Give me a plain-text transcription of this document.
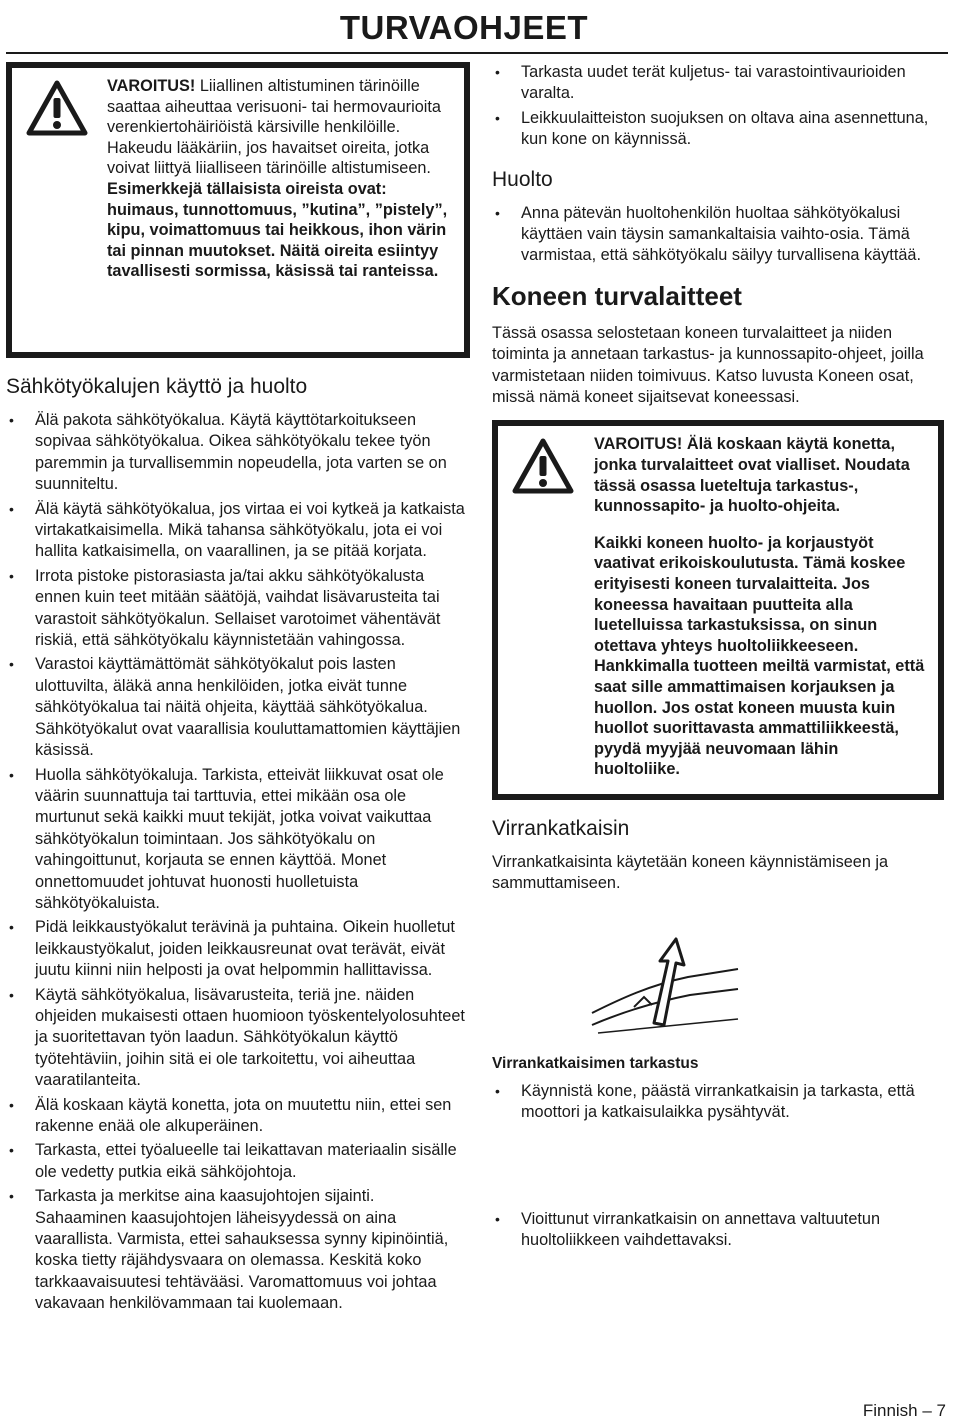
TURVAOHJEET

VAROITUS! Liiallinen altistuminen tärinöille saattaa aiheuttaa verisuoni- tai hermovaurioita verenkiertohäiriöistä kärsiville henkilöille. Hakeudu lääkäriin, jos havaitset oireita, jotka voivat liittyä liialliseen tärinöille altistumiseen. Esimerkkejä tällaisista oireista ovat: huimaus, tunnottomuus, ”kutina”, ”pistely”, kipu, voimattomuus tai heikkous, ihon värin tai pinnan muutokset. Näitä oireita esiintyy tavallisesti sormissa, käsissä tai ranteissa.

Sähkötyökalujen käyttö ja huolto
• Älä pakota sähkötyökalua. Käytä käyttötarkoitukseen sopivaa sähkötyökalua. Oikea sähkötyökalu tekee työn paremmin ja turvallisemmin nopeudella, jota varten se on suunniteltu.
• Älä käytä sähkötyökalua, jos virtaa ei voi kytkeä ja katkaista virtakatkaisimella. Mikä tahansa sähkötyökalu, jota ei voi hallita katkaisimella, on vaarallinen, ja se pitää korjata.
• Irrota pistoke pistorasiasta ja/tai akku sähkötyökalusta ennen kuin teet mitään säätöjä, vaihdat lisävarusteita tai varastoit sähkötyökalun. Sellaiset varotoimet vähentävät riskiä, että sähkötyökalu käynnistetään vahingossa.
• Varastoi käyttämättömät sähkötyökalut pois lasten ulottuvilta, äläkä anna henkilöiden, jotka eivät tunne sähkötyökalua tai näitä ohjeita, käyttää sähkötyökalua. Sähkötyökalut ovat vaarallisia kouluttamattomien käyttäjien käsissä.
• Huolla sähkötyökaluja. Tarkista, etteivät liikkuvat osat ole väärin suunnattuja tai tarttuvia, ettei mikään osa ole murtunut sekä kaikki muut tekijät, jotka voivat vaikuttaa sähkötyökalun toimintaan. Jos sähkötyökalu on vahingoittunut, korjauta se ennen käyttöä. Monet onnettomuudet johtuvat huonosti huolletuista sähkötyökaluista.
• Pidä leikkaustyökalut terävinä ja puhtaina. Oikein huolletut leikkaustyökalut, joiden leikkausreunat ovat terävät, eivät juutu kiinni niin helposti ja ovat helpommin hallittavissa.
• Käytä sähkötyökalua, lisävarusteita, teriä jne. näiden ohjeiden mukaisesti ottaen huomioon työskentelyolosuhteet ja suoritettavan työn laadun. Sähkötyökalun käyttö työtehtäviin, joihin sitä ei ole tarkoitettu, voi aiheuttaa vaaratilanteita.
• Älä koskaan käytä konetta, jota on muutettu niin, ettei sen rakenne enää ole alkuperäinen.
• Tarkasta, ettei työalueelle tai leikattavan materiaalin sisälle ole vedetty putkia eikä sähköjohtoja.
• Tarkasta ja merkitse aina kaasujohtojen sijainti. Sahaaminen kaasujohtojen läheisyydessä on aina vaarallista. Varmista, ettei sahauksessa synny kipinöintiä, koska tietty räjähdysvaara on olemassa. Keskitä koko tarkkaavaisuutesi tehtävääsi. Varomattomuus voi johtaa vakavaan henkilövammaan tai kuolemaan.
• Tarkasta uudet terät kuljetus- tai varastointivaurioiden varalta.
• Leikkuulaitteiston suojuksen on oltava aina asennettuna, kun kone on käynnissä.
Huolto
• Anna pätevän huoltohenkilön huoltaa sähkötyökalusi käyttäen vain täysin samankaltaisia vaihto-osia. Tämä varmistaa, että sähkötyökalu säilyy turvallisena käyttää.
Koneen turvalaitteet

Tässä osassa selostetaan koneen turvalaitteet ja niiden toiminta ja annetaan tarkastus- ja kunnossapito-ohjeet, joilla varmistetaan niiden toimivuus. Katso luvusta Koneen osat, missä nämä koneet sijaitsevat koneessasi.

VAROITUS! Älä koskaan käytä konetta, jonka turvalaitteet ovat vialliset. Noudata tässä osassa lueteltuja tarkastus-, kunnossapito- ja huolto-ohjeita.

Kaikki koneen huolto- ja korjaustyöt vaativat erikoiskoulutusta. Tämä koskee erityisesti koneen turvalaitteita. Jos koneessa havaitaan puutteita alla luetelluissa tarkastuksissa, on sinun otettava yhteys huoltoliikkeeseen. Hankkimalla tuotteen meiltä varmistat, että saat sille ammattimaisen korjauksen ja huollon. Jos ostat koneen muusta kuin huollot suorittavasta ammattiliikkeestä, pyydä myyjää neuvomaan lähin huoltoliike.

Virrankatkaisin

Virrankatkaisinta käytetään koneen käynnistämiseen ja sammuttamiseen.

Virrankatkaisimen tarkastus
• Käynnistä kone, päästä virrankatkaisin ja tarkasta, että moottori ja katkaisulaikka pysähtyvät.
• Vioittunut virrankatkaisin on annettava valtuutetun huoltoliikkeen vaihdettavaksi.
Finnish – 7
